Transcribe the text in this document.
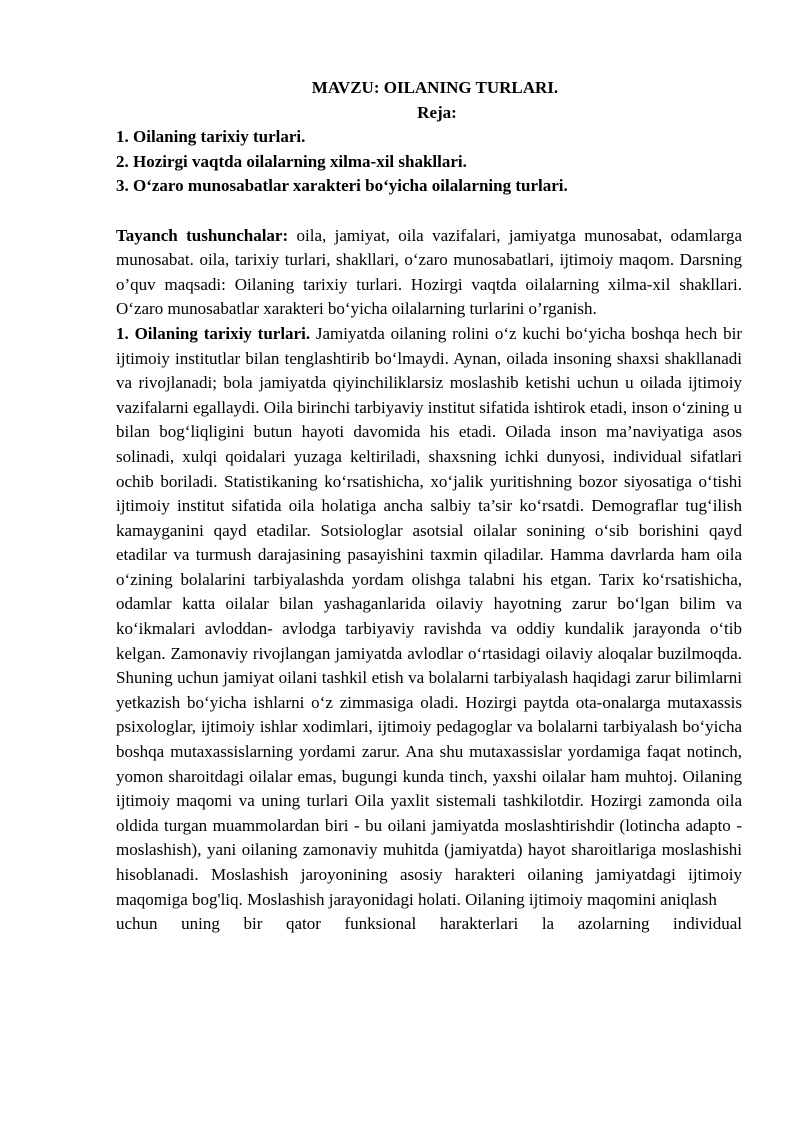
MAVZU: OILANING TURLARI.

Reja:

1. Oilaning tarixiy turlari.

2. Hozirgi vaqtda oilalarning xilma-xil shakllari.

3. O‘zaro munosabatlar xarakteri bo‘yicha oilalarning turlari.

Tayanch tushunchalar: oila, jamiyat, oila vazifalari, jamiyatga munosabat, odamlarga munosabat. oila, tarixiy turlari, shakllari, o‘zaro munosabatlari, ijtimoiy maqom. Darsning o’quv maqsadi: Oilaning tarixiy turlari. Hozirgi vaqtda oilalarning xilma-xil shakllari. O‘zaro munosabatlar xarakteri bo‘yicha oilalarning turlarini o’rganish.

1. Oilaning tarixiy turlari. Jamiyatda oilaning rolini o‘z kuchi bo‘yicha boshqa hech bir ijtimoiy institutlar bilan tenglashtirib bo‘lmaydi. Aynan, oilada insoning shaxsi shakllanadi va rivojlanadi; bola jamiyatda qiyinchiliklarsiz moslashib ketishi uchun u oilada ijtimoiy vazifalarni egallaydi. Oila birinchi tarbiyaviy institut sifatida ishtirok etadi, inson o‘zining u bilan bog‘liqligini butun hayoti davomida his etadi. Oilada inson ma’naviyatiga asos solinadi, xulqi qoidalari yuzaga keltiriladi, shaxsning ichki dunyosi, individual sifatlari ochib boriladi. Statistikaning ko‘rsatishicha, xo‘jalik yuritishning bozor siyosatiga o‘tishi ijtimoiy institut sifatida oila holatiga ancha salbiy ta’sir ko‘rsatdi. Demograflar tug‘ilish kamayganini qayd etadilar. Sotsiologlar asotsial oilalar sonining o‘sib borishini qayd etadilar va turmush darajasining pasayishini taxmin qiladilar. Hamma davrlarda ham oila o‘zining bolalarini tarbiyalashda yordam olishga talabni his etgan. Tarix ko‘rsatishicha, odamlar katta oilalar bilan yashaganlarida oilaviy hayotning zarur bo‘lgan bilim va ko‘ikmalari avloddan- avlodga tarbiyaviy ravishda va oddiy kundalik jarayonda o‘tib kelgan. Zamonaviy rivojlangan jamiyatda avlodlar o‘rtasidagi oilaviy aloqalar buzilmoqda. Shuning uchun jamiyat oilani tashkil etish va bolalarni tarbiyalash haqidagi zarur bilimlarni yetkazish bo‘yicha ishlarni o‘z zimmasiga oladi. Hozirgi paytda ota-onalarga mutaxassis psixologlar, ijtimoiy ishlar xodimlari, ijtimoiy pedagoglar va bolalarni tarbiyalash bo‘yicha boshqa mutaxassislarning yordami zarur. Ana shu mutaxassislar yordamiga faqat notinch, yomon sharoitdagi oilalar emas, bugungi kunda tinch, yaxshi oilalar ham muhtoj. Oilaning ijtimoiy maqomi va uning turlari Oila yaxlit sistemali tashkilotdir. Hozirgi zamonda oila oldida turgan muammolardan biri - bu oilani jamiyatda moslashtirishdir (lotincha adapto - moslashish), yani oilaning zamonaviy muhitda (jamiyatda) hayot sharoitlariga moslashishi hisoblanadi. Moslashish jaroyonining asosiy harakteri oilaning jamiyatdagi ijtimoiy maqomiga bog'liq. Moslashish jarayonidagi holati. Oilaning ijtimoiy maqomini aniqlash

uchun uning bir qator funksional harakterlari la azolarning individual
